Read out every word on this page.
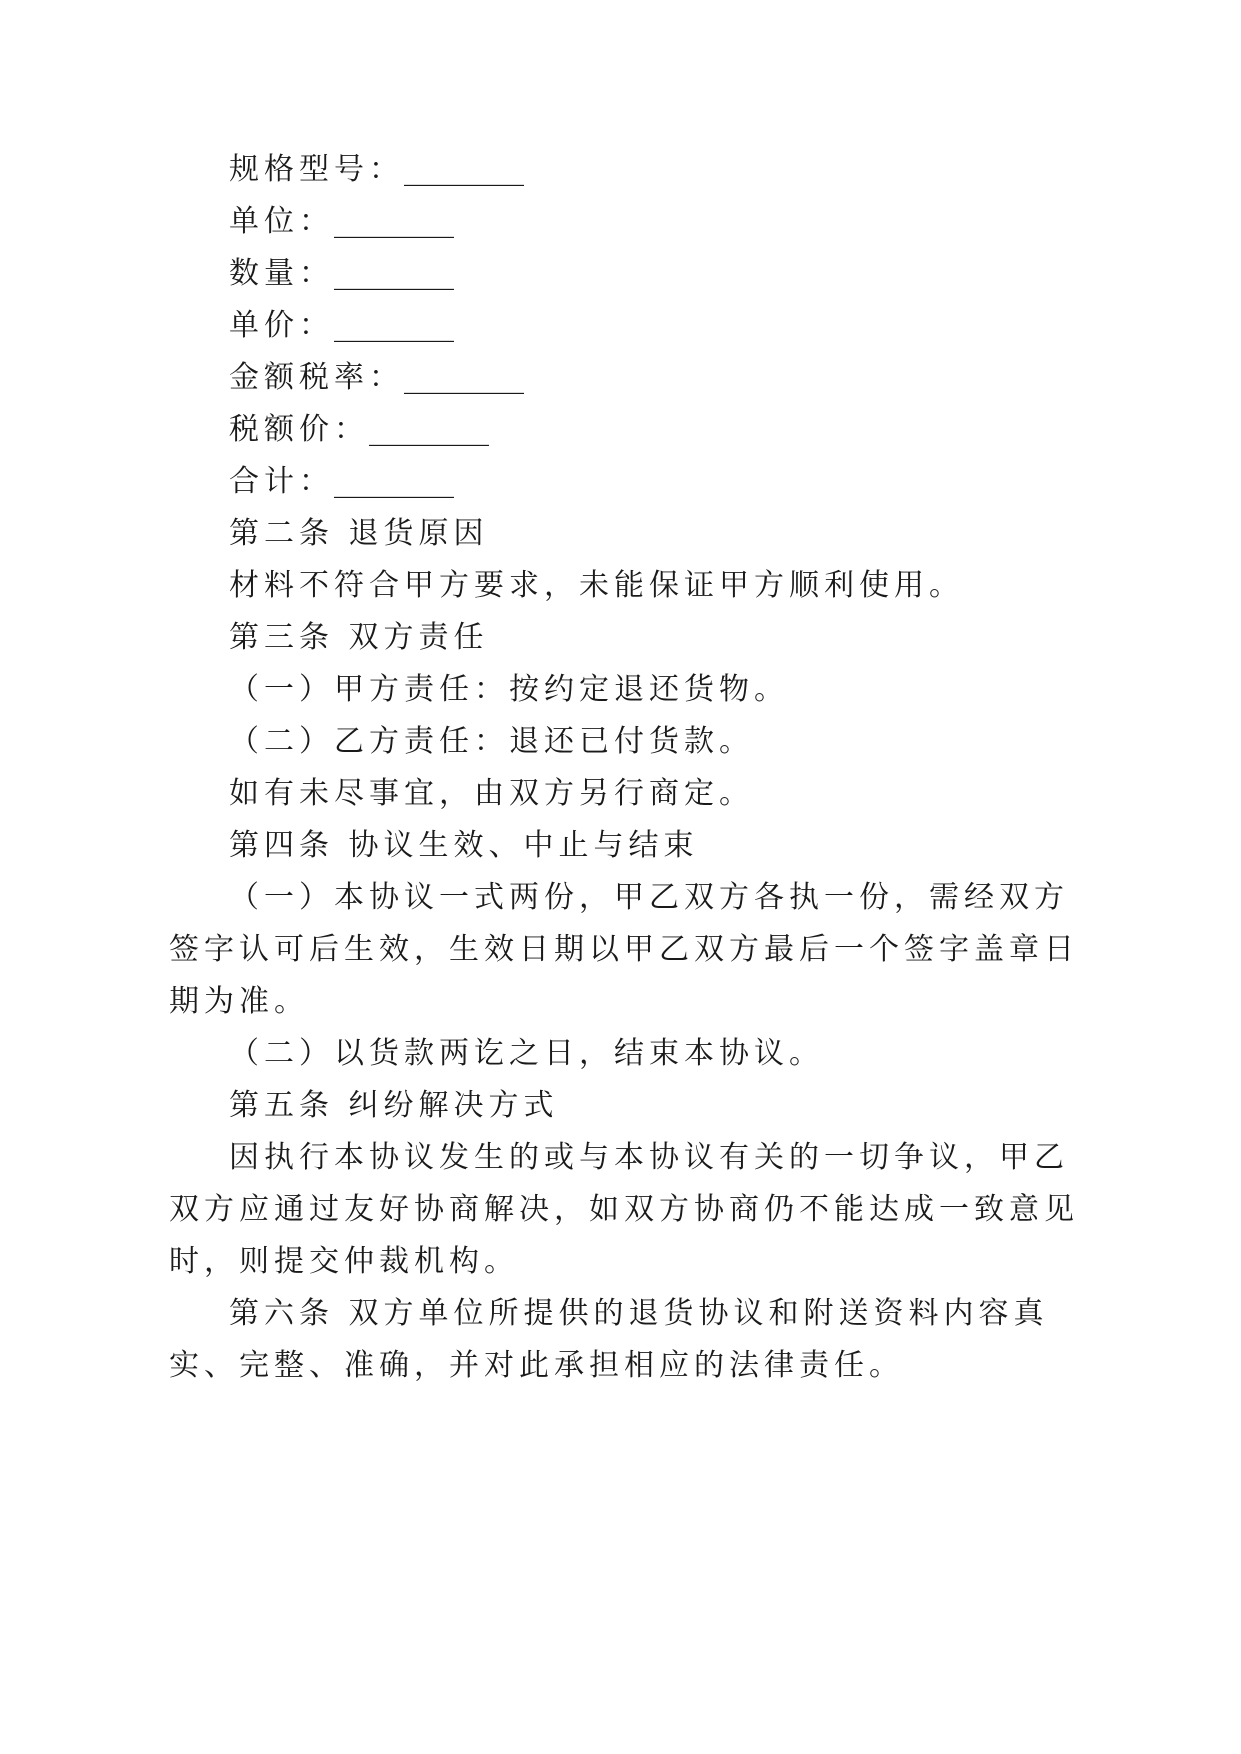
规格型号：________
单位：________
数量：________
单价：________
金额税率：________
税额价：________
合计：________
第二条 退货原因
材料不符合甲方要求，未能保证甲方顺利使用。
第三条 双方责任
（一）甲方责任：按约定退还货物。
（二）乙方责任：退还已付货款。
如有未尽事宜，由双方另行商定。
第四条 协议生效、中止与结束
（一）本协议一式两份，甲乙双方各执一份，需经双方
签字认可后生效，生效日期以甲乙双方最后一个签字盖章日
期为准。
（二）以货款两讫之日，结束本协议。
第五条 纠纷解决方式
因执行本协议发生的或与本协议有关的一切争议，甲乙
双方应通过友好协商解决，如双方协商仍不能达成一致意见
时，则提交仲裁机构。
第六条 双方单位所提供的退货协议和附送资料内容真
实、完整、准确，并对此承担相应的法律责任。
